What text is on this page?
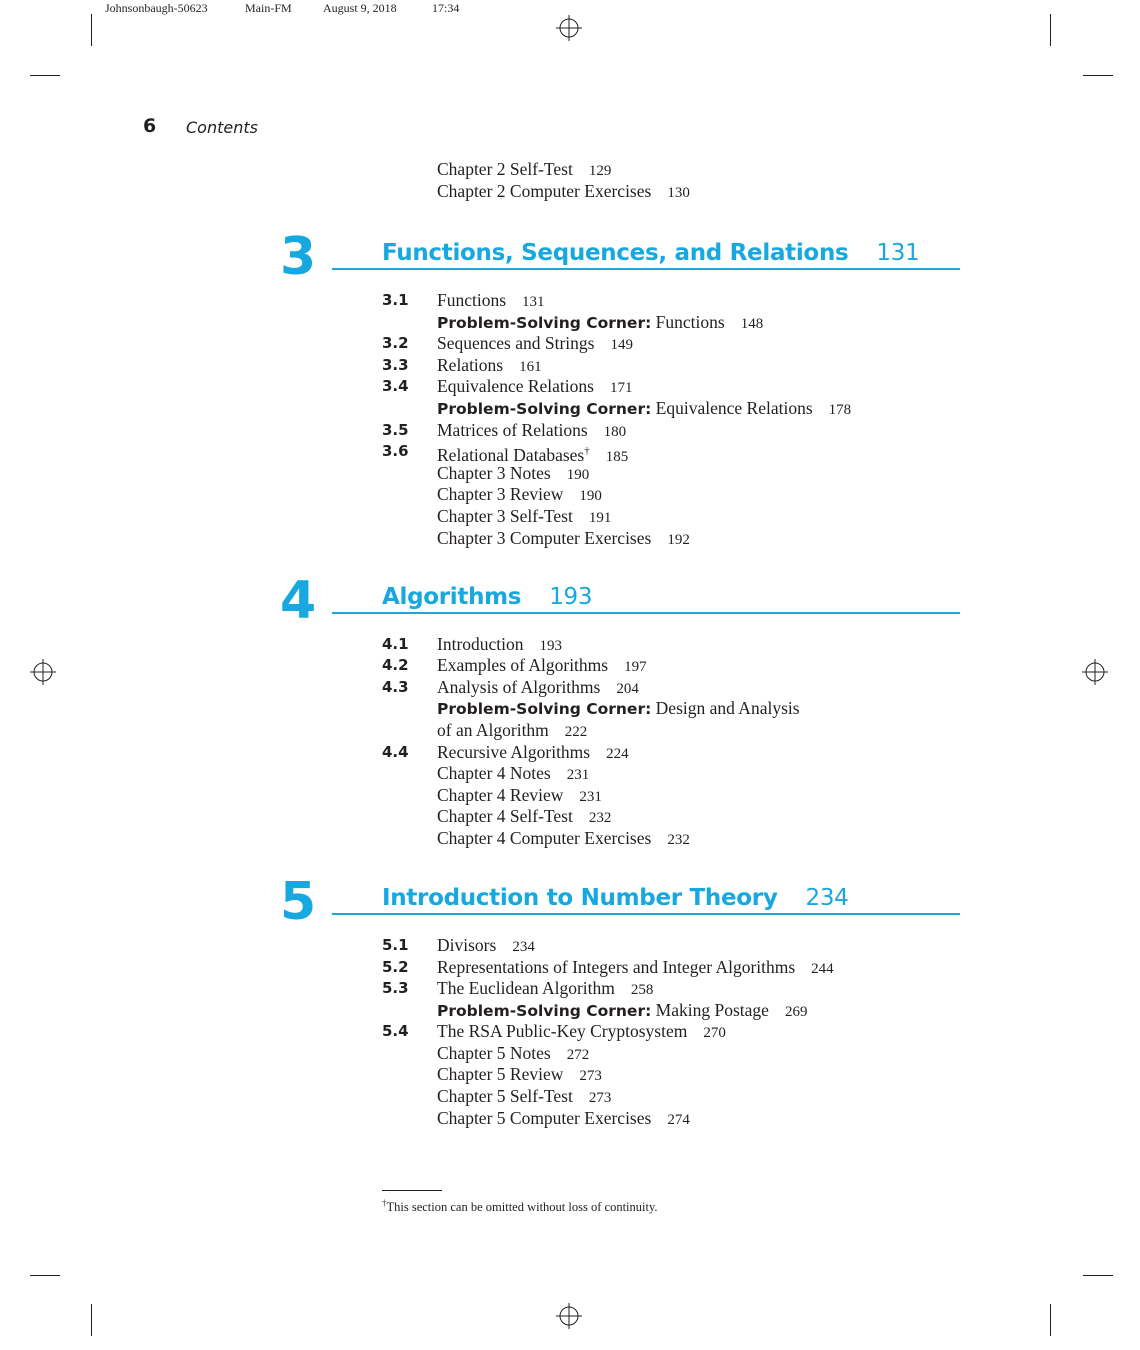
Johnsonbaugh-50623	Main-FM	August 9, 2018	17:34
6 Contents
Chapter 2 Self-Test 129
Chapter 2 Computer Exercises 130
3	Functions, Sequences, and Relations 131
3.1 Functions 131
Problem-Solving Corner: Functions 148
3.2 Sequences and Strings 149
3.3 Relations 161
3.4 Equivalence Relations 171
Problem-Solving Corner: Equivalence Relations 178
3.5 Matrices of Relations 180
3.6 Relational Databases† 185
Chapter 3 Notes 190
Chapter 3 Review 190
Chapter 3 Self-Test 191
Chapter 3 Computer Exercises 192
4	Algorithms 193
4.1 Introduction 193
4.2 Examples of Algorithms 197
4.3 Analysis of Algorithms 204
Problem-Solving Corner: Design and Analysis
of an Algorithm 222
4.4 Recursive Algorithms 224
Chapter 4 Notes 231
Chapter 4 Review 231
Chapter 4 Self-Test 232
Chapter 4 Computer Exercises 232
5	Introduction to Number Theory 234
5.1 Divisors 234
5.2 Representations of Integers and Integer Algorithms 244
5.3 The Euclidean Algorithm 258
Problem-Solving Corner: Making Postage 269
5.4 The RSA Public-Key Cryptosystem 270
Chapter 5 Notes 272
Chapter 5 Review 273
Chapter 5 Self-Test 273
Chapter 5 Computer Exercises 274
†This section can be omitted without loss of continuity.
